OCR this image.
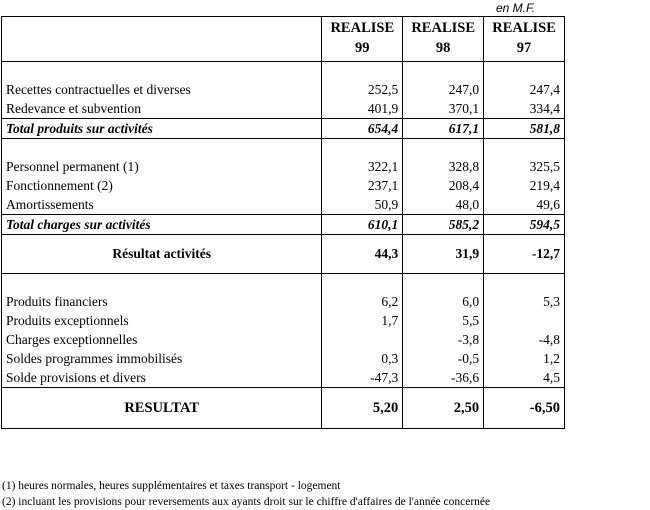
en M.F.
	REALISE	REALISE	REALISE
	99	98	97

Recettes contractuelles et diverses	252,5	247,0	247,4
Redevance et subvention	401,9	370,1	334,4
Total produits sur activités	654,4	617,1	581,8

Personnel permanent (1)	322,1	328,8	325,5
Fonctionnement (2)	237,1	208,4	219,4
Amortissements	50,9	48,0	49,6
Total charges sur activités	610,1	585,2	594,5
Résultat activités	44,3	31,9	-12,7

Produits financiers	6,2	6,0	5,3
Produits exceptionnels	1,7	5,5	
Charges exceptionnelles		-3,8	-4,8
Soldes programmes immobilisés	0,3	-0,5	1,2
Solde provisions et divers	-47,3	-36,6	4,5
RESULTAT	5,20	2,50	-6,50
(1) heures normales, heures supplémentaires et taxes transport - logement
(2) incluant les provisions pour reversements aux ayants droit sur le chiffre d'affaires de l'année concernée
